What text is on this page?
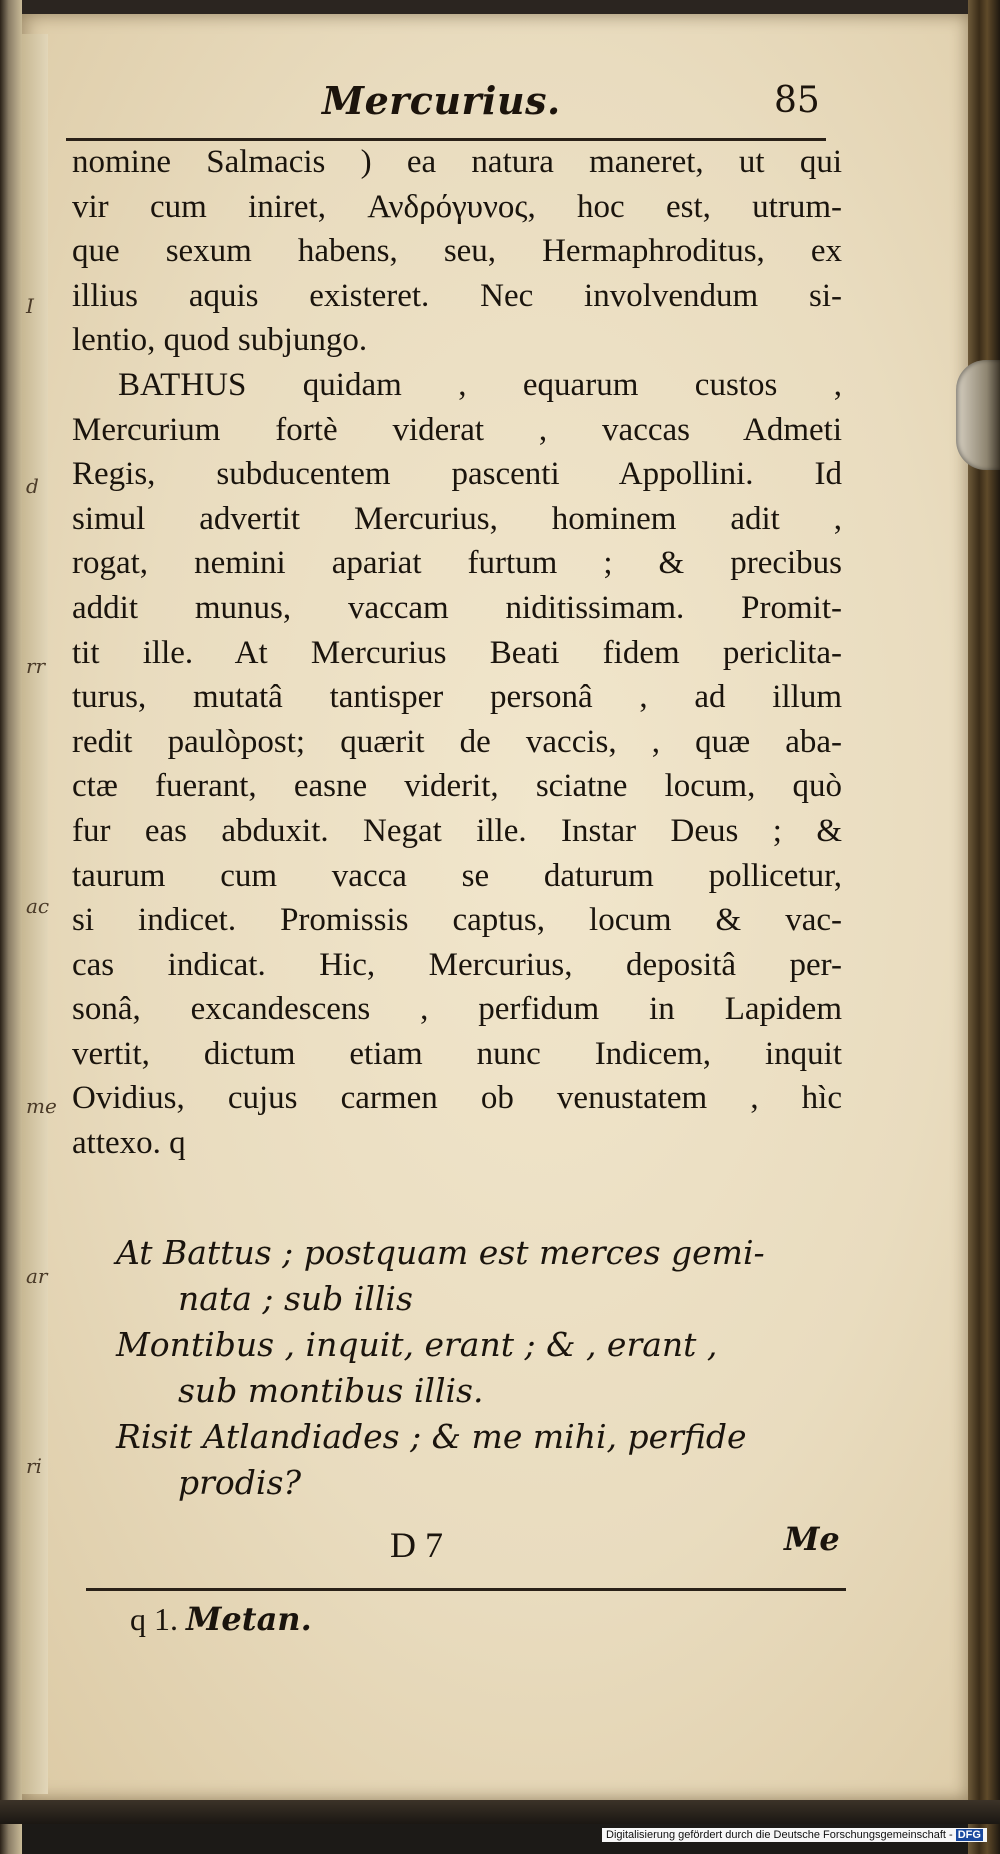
I
d
rr
ac
me
ar
ri
Mercurius.	85
nomine Salmacis ) ea natura maneret, ut qui
vir cum iniret, Ανδρόγυνος, hoc est, utrum-
que sexum habens, seu, Hermaphroditus, ex
illius aquis existeret. Nec involvendum si-
lentio, quod subjungo.
BATHUS quidam , equarum custos ,
Mercurium fortè viderat , vaccas Admeti
Regis, subducentem pascenti Appollini. Id
simul advertit Mercurius, hominem adit ,
rogat, nemini apariat furtum ; & precibus
addit munus, vaccam niditissimam. Promit-
tit ille. At Mercurius Beati fidem periclita-
turus, mutatâ tantisper personâ , ad illum
redit paulòpost; quærit de vaccis, , quæ aba-
ctæ fuerant, easne viderit, sciatne locum, quò
fur eas abduxit. Negat ille. Instar Deus ; &
taurum cum vacca se daturum pollicetur,
si indicet. Promissis captus, locum & vac-
cas indicat. Hic, Mercurius, depositâ per-
sonâ, excandescens , perfidum in Lapidem
vertit, dictum etiam nunc Indicem, inquit
Ovidius, cujus carmen ob venustatem , hìc
attexo. q
At Battus ; postquam est merces gemi-
nata ; sub illis
Montibus , inquit, erant ; & , erant ,
sub montibus illis.
Risit Atlandiades ; & me mihi, perfide
prodis?
D 7	Me
q 1. Metan.
Digitalisierung gefördert durch die Deutsche Forschungsgemeinschaft - DFG
